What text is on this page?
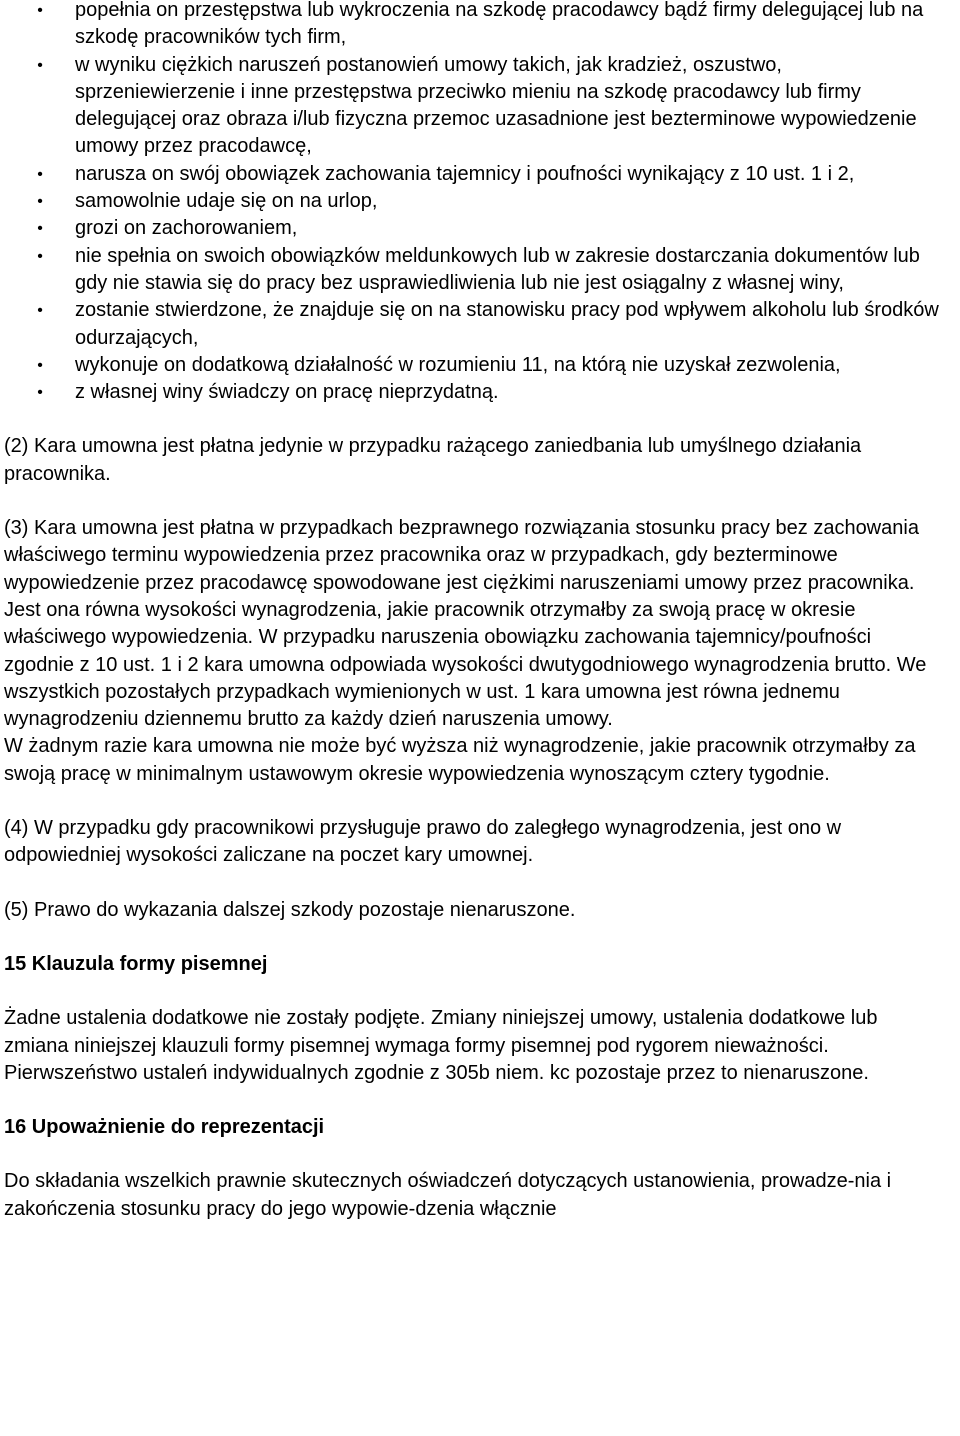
• popełnia on przestępstwa lub wykroczenia na szkodę pracodawcy bądź firmy delegującej lub na szkodę pracowników tych firm,
• w wyniku ciężkich naruszeń postanowień umowy takich, jak kradzież, oszustwo, sprzeniewierzenie i inne przestępstwa przeciwko mieniu na szkodę pracodawcy lub firmy delegującej oraz obraza i/lub fizyczna przemoc uzasadnione jest bezterminowe wypowiedzenie umowy przez pracodawcę,
• narusza on swój obowiązek zachowania tajemnicy i poufności wynikający z 10 ust. 1 i 2,
• samowolnie udaje się on na urlop,
• grozi on zachorowaniem,
• nie spełnia on swoich obowiązków meldunkowych lub w zakresie dostarczania dokumentów lub gdy nie stawia się do pracy bez usprawiedliwienia lub nie jest osiągalny z własnej winy,
• zostanie stwierdzone, że znajduje się on na stanowisku pracy pod wpływem alkoholu lub środków odurzających,
• wykonuje on dodatkową działalność w rozumieniu 11, na którą nie uzyskał zezwolenia,
• z własnej winy świadczy on pracę nieprzydatną.

(2) Kara umowna jest płatna jedynie w przypadku rażącego zaniedbania lub umyślnego działania pracownika.

(3) Kara umowna jest płatna w przypadkach bezprawnego rozwiązania stosunku pracy bez zachowania właściwego terminu wypowiedzenia przez pracownika oraz w przypadkach, gdy bezterminowe wypowiedzenie przez pracodawcę spowodowane jest ciężkimi naruszeniami umowy przez pracownika. Jest ona równa wysokości wynagrodzenia, jakie pracownik otrzymałby za swoją pracę w okresie właściwego wypowiedzenia. W przypadku naruszenia obowiązku zachowania tajemnicy/poufności zgodnie z 10 ust. 1 i 2 kara umowna odpowiada wysokości dwutygodniowego wynagrodzenia brutto. We wszystkich pozostałych przypadkach wymienionych w ust. 1 kara umowna jest równa jednemu wynagrodzeniu dziennemu brutto za każdy dzień naruszenia umowy.

W żadnym razie kara umowna nie może być wyższa niż wynagrodzenie, jakie pracownik otrzymałby za swoją pracę w minimalnym ustawowym okresie wypowiedzenia wynoszącym cztery tygodnie.

(4) W przypadku gdy pracownikowi przysługuje prawo do zaległego wynagrodzenia, jest ono w odpowiedniej wysokości zaliczane na poczet kary umownej.

(5) Prawo do wykazania dalszej szkody pozostaje nienaruszone.

15 Klauzula formy pisemnej

Żadne ustalenia dodatkowe nie zostały podjęte. Zmiany niniejszej umowy, ustalenia dodatkowe lub zmiana niniejszej klauzuli formy pisemnej wymaga formy pisemnej pod rygorem nieważności. Pierwszeństwo ustaleń indywidualnych zgodnie z 305b niem. kc pozostaje przez to nienaruszone.

16 Upoważnienie do reprezentacji

Do składania wszelkich prawnie skutecznych oświadczeń dotyczących ustanowienia, prowadze-nia i zakończenia stosunku pracy do jego wypowie-dzenia włącznie
